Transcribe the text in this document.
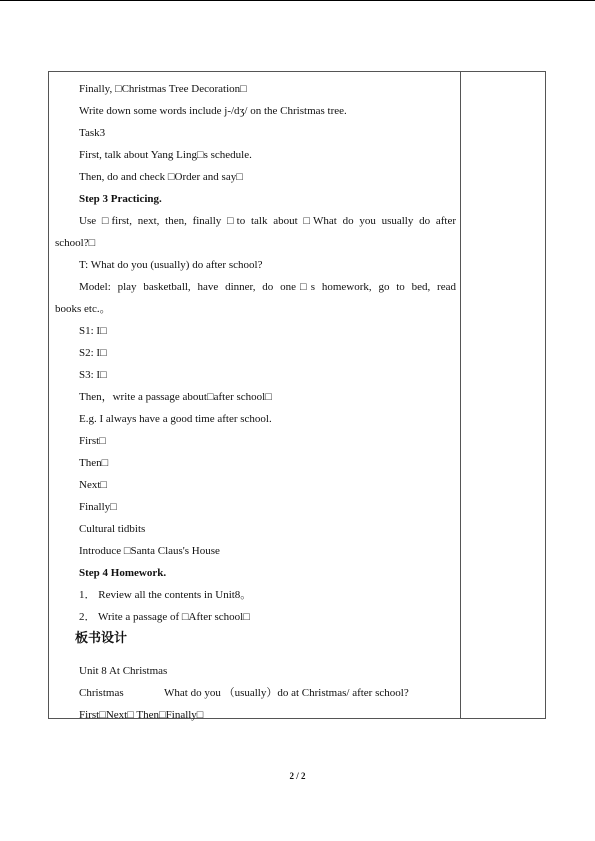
Finally, □Christmas Tree Decoration□
Write down some words include j-/dʒ/ on the Christmas tree.
Task3
First, talk about Yang Ling□s schedule.
Then, do and check □Order and say□
Step 3 Practicing.
Use □first, next, then, finally □to talk about □What do you usually do after
school?□
T: What do you (usually) do after school?
Model: play basketball, have dinner, do one□s homework, go to bed, read
books etc.。
S1: I□
S2: I□
S3: I□
Then，write a passage about□after school□
E.g. I always have a good time after school.
First□
Then□
Next□
Finally□
Cultural tidbits
Introduce □Santa Claus's House
Step 4 Homework.
1． Review all the contents in Unit8。
2． Write a passage of □After school□
板书设计
Unit 8 At Christmas
Christmas	What do you （usually）do at Christmas/ after school?
First□Next□ Then□Finally□
2 / 2
